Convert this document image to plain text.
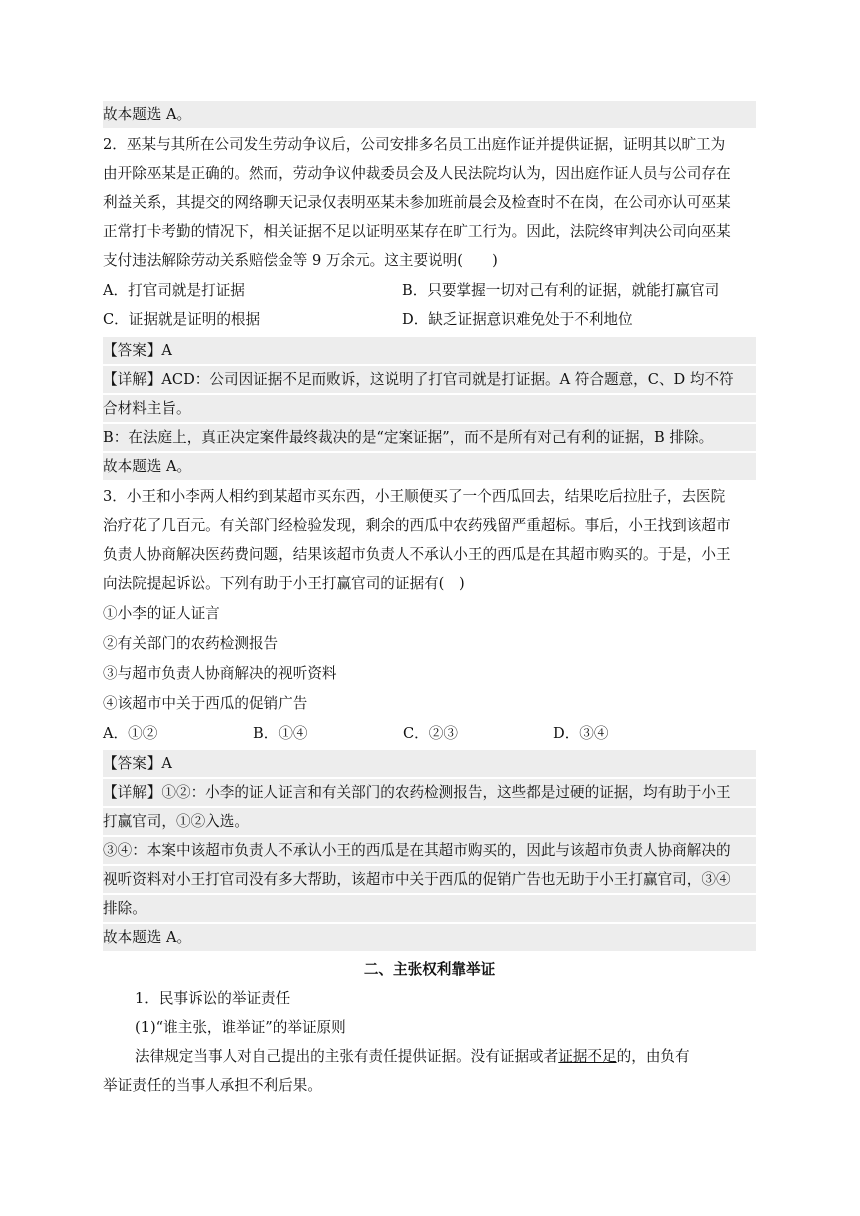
故本题选 A。
2．巫某与其所在公司发生劳动争议后，公司安排多名员工出庭作证并提供证据，证明其以旷工为
由开除巫某是正确的。然而，劳动争议仲裁委员会及人民法院均认为，因出庭作证人员与公司存在
利益关系，其提交的网络聊天记录仅表明巫某未参加班前晨会及检查时不在岗，在公司亦认可巫某
正常打卡考勤的情况下，相关证据不足以证明巫某存在旷工行为。因此，法院终审判决公司向巫某
支付违法解除劳动关系赔偿金等 9 万余元。这主要说明(　　)
A．打官司就是打证据	B．只要掌握一切对己有利的证据，就能打赢官司
C．证据就是证明的根据	D．缺乏证据意识难免处于不利地位
【答案】A
【详解】ACD：公司因证据不足而败诉，这说明了打官司就是打证据。A 符合题意，C、D 均不符
合材料主旨。
B：在法庭上，真正决定案件最终裁决的是“定案证据”，而不是所有对己有利的证据，B 排除。
故本题选 A。
3．小王和小李两人相约到某超市买东西，小王顺便买了一个西瓜回去，结果吃后拉肚子，去医院
治疗花了几百元。有关部门经检验发现，剩余的西瓜中农药残留严重超标。事后，小王找到该超市
负责人协商解决医药费问题，结果该超市负责人不承认小王的西瓜是在其超市购买的。于是，小王
向法院提起诉讼。下列有助于小王打赢官司的证据有(　)
①小李的证人证言
②有关部门的农药检测报告
③与超市负责人协商解决的视听资料
④该超市中关于西瓜的促销广告
A．①②	B．①④	C．②③	D．③④
【答案】A
【详解】①②：小李的证人证言和有关部门的农药检测报告，这些都是过硬的证据，均有助于小王
打赢官司，①②入选。
③④：本案中该超市负责人不承认小王的西瓜是在其超市购买的，因此与该超市负责人协商解决的
视听资料对小王打官司没有多大帮助，该超市中关于西瓜的促销广告也无助于小王打赢官司，③④
排除。
故本题选 A。
二、主张权利靠举证
1．民事诉讼的举证责任
(1)“谁主张，谁举证”的举证原则
法律规定当事人对自己提出的主张有责任提供证据。没有证据或者证据不足的，由负有
举证责任的当事人承担不利后果。
